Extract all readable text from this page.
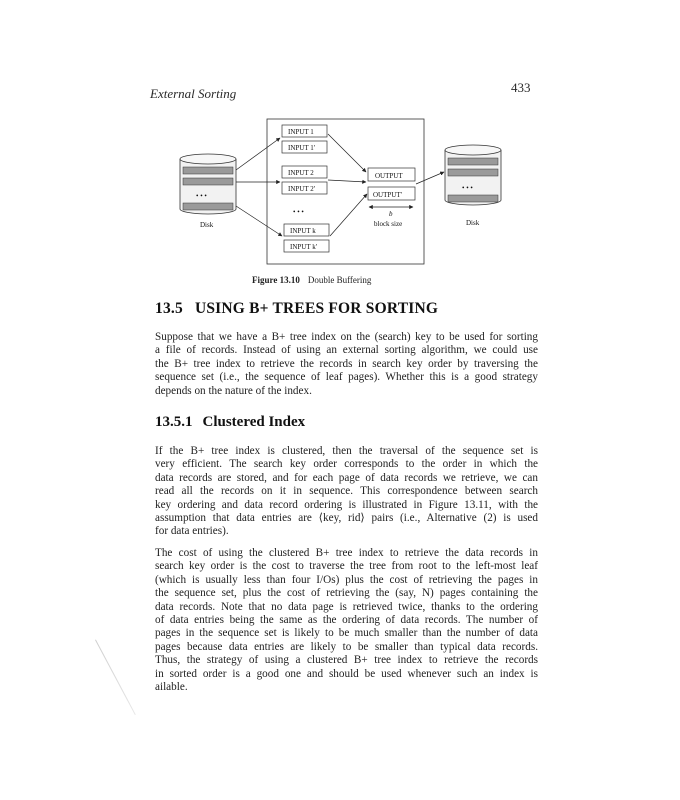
External Sorting	433
• • •
Disk
• • •
Disk
INPUT 1
INPUT 1'
INPUT 2
INPUT 2'
• • •
INPUT k
INPUT k'
OUTPUT
OUTPUT'
b
block size
Figure 13.10 Double Buffering
13.5 USING B+ TREES FOR SORTING
Suppose that we have a B+ tree index on the (search) key to be used for sorting
a file of records. Instead of using an external sorting algorithm, we could use
the B+ tree index to retrieve the records in search key order by traversing the
sequence set (i.e., the sequence of leaf pages). Whether this is a good strategy
depends on the nature of the index.
13.5.1 Clustered Index
If the B+ tree index is clustered, then the traversal of the sequence set is
very efficient. The search key order corresponds to the order in which the
data records are stored, and for each page of data records we retrieve, we can
read all the records on it in sequence. This correspondence between search
key ordering and data record ordering is illustrated in Figure 13.11, with the
assumption that data entries are ⟨key, rid⟩ pairs (i.e., Alternative (2) is used
for data entries).
The cost of using the clustered B+ tree index to retrieve the data records in
search key order is the cost to traverse the tree from root to the left-most leaf
(which is usually less than four I/Os) plus the cost of retrieving the pages in
the sequence set, plus the cost of retrieving the (say, N) pages containing the
data records. Note that no data page is retrieved twice, thanks to the ordering
of data entries being the same as the ordering of data records. The number of
pages in the sequence set is likely to be much smaller than the number of data
pages because data entries are likely to be smaller than typical data records.
Thus, the strategy of using a clustered B+ tree index to retrieve the records
in sorted order is a good one and should be used whenever such an index is
ailable.
